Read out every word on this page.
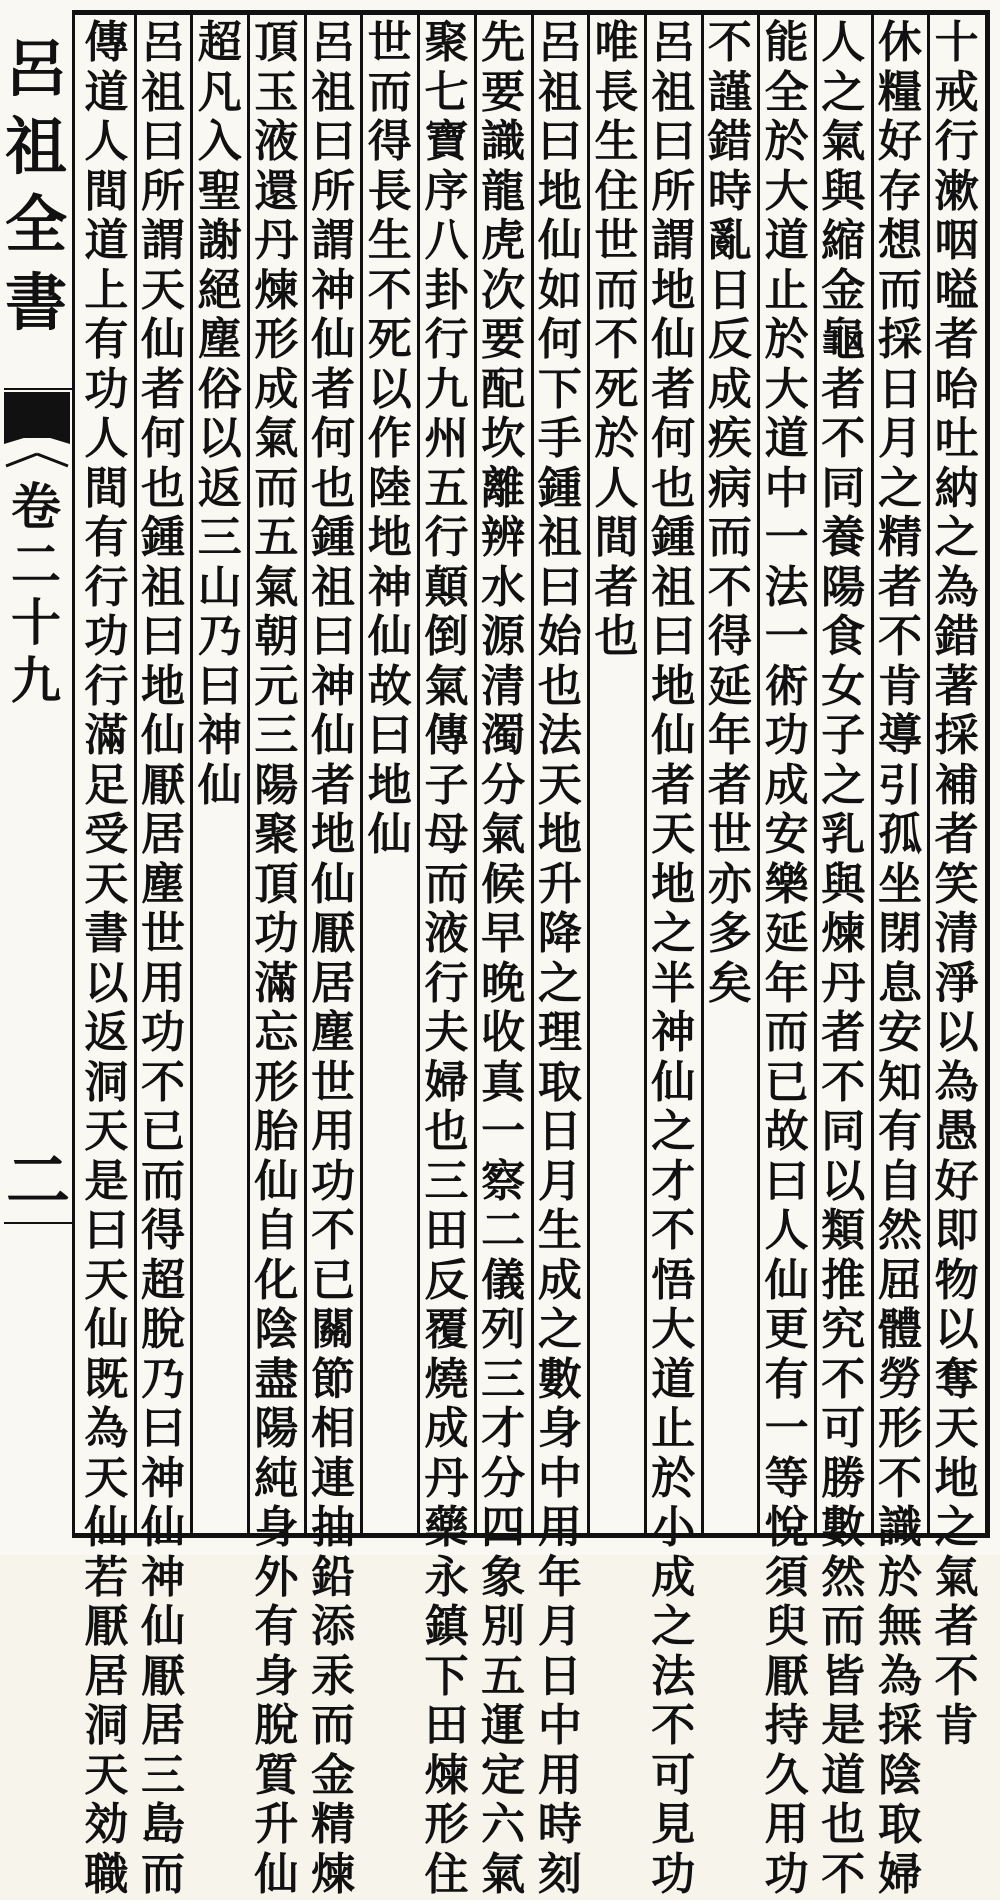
呂
祖
全
書
卷
二
十
九
二
十
戒
行
漱
咽
嗌
者
咍
吐
納
之
為
錯
著
採
補
者
笑
清
淨
以
為
愚
好
即
物
以
奪
天
地
之
氣
者
不
肯
休
糧
好
存
想
而
採
日
月
之
精
者
不
肯
導
引
孤
坐
閉
息
安
知
有
自
然
屈
體
勞
形
不
識
於
無
為
採
陰
取
婦
人
之
氣
與
縮
金
龜
者
不
同
養
陽
食
女
子
之
乳
與
煉
丹
者
不
同
以
類
推
究
不
可
勝
數
然
而
皆
是
道
也
不
能
全
於
大
道
止
於
大
道
中
一
法
一
術
功
成
安
樂
延
年
而
已
故
曰
人
仙
更
有
一
等
悅
須
臾
厭
持
久
用
功
不
謹
錯
時
亂
日
反
成
疾
病
而
不
得
延
年
者
世
亦
多
矣
呂
祖
曰
所
謂
地
仙
者
何
也
鍾
祖
曰
地
仙
者
天
地
之
半
神
仙
之
才
不
悟
大
道
止
於
小
成
之
法
不
可
見
功
唯
長
生
住
世
而
不
死
於
人
間
者
也
呂
祖
曰
地
仙
如
何
下
手
鍾
祖
曰
始
也
法
天
地
升
降
之
理
取
日
月
生
成
之
數
身
中
用
年
月
日
中
用
時
刻
先
要
識
龍
虎
次
要
配
坎
離
辨
水
源
清
濁
分
氣
候
早
晚
收
真
一
察
二
儀
列
三
才
分
四
象
別
五
運
定
六
氣
聚
七
寶
序
八
卦
行
九
州
五
行
顛
倒
氣
傳
子
母
而
液
行
夫
婦
也
三
田
反
覆
燒
成
丹
藥
永
鎮
下
田
煉
形
住
世
而
得
長
生
不
死
以
作
陸
地
神
仙
故
曰
地
仙
呂
祖
曰
所
謂
神
仙
者
何
也
鍾
祖
曰
神
仙
者
地
仙
厭
居
塵
世
用
功
不
已
關
節
相
連
抽
鉛
添
汞
而
金
精
煉
頂
玉
液
還
丹
煉
形
成
氣
而
五
氣
朝
元
三
陽
聚
頂
功
滿
忘
形
胎
仙
自
化
陰
盡
陽
純
身
外
有
身
脫
質
升
仙
超
凡
入
聖
謝
絕
塵
俗
以
返
三
山
乃
曰
神
仙
呂
祖
曰
所
謂
天
仙
者
何
也
鍾
祖
曰
地
仙
厭
居
塵
世
用
功
不
已
而
得
超
脫
乃
曰
神
仙
神
仙
厭
居
三
島
而
傳
道
人
間
道
上
有
功
人
間
有
行
功
行
滿
足
受
天
書
以
返
洞
天
是
曰
天
仙
既
為
天
仙
若
厭
居
洞
天
効
職
